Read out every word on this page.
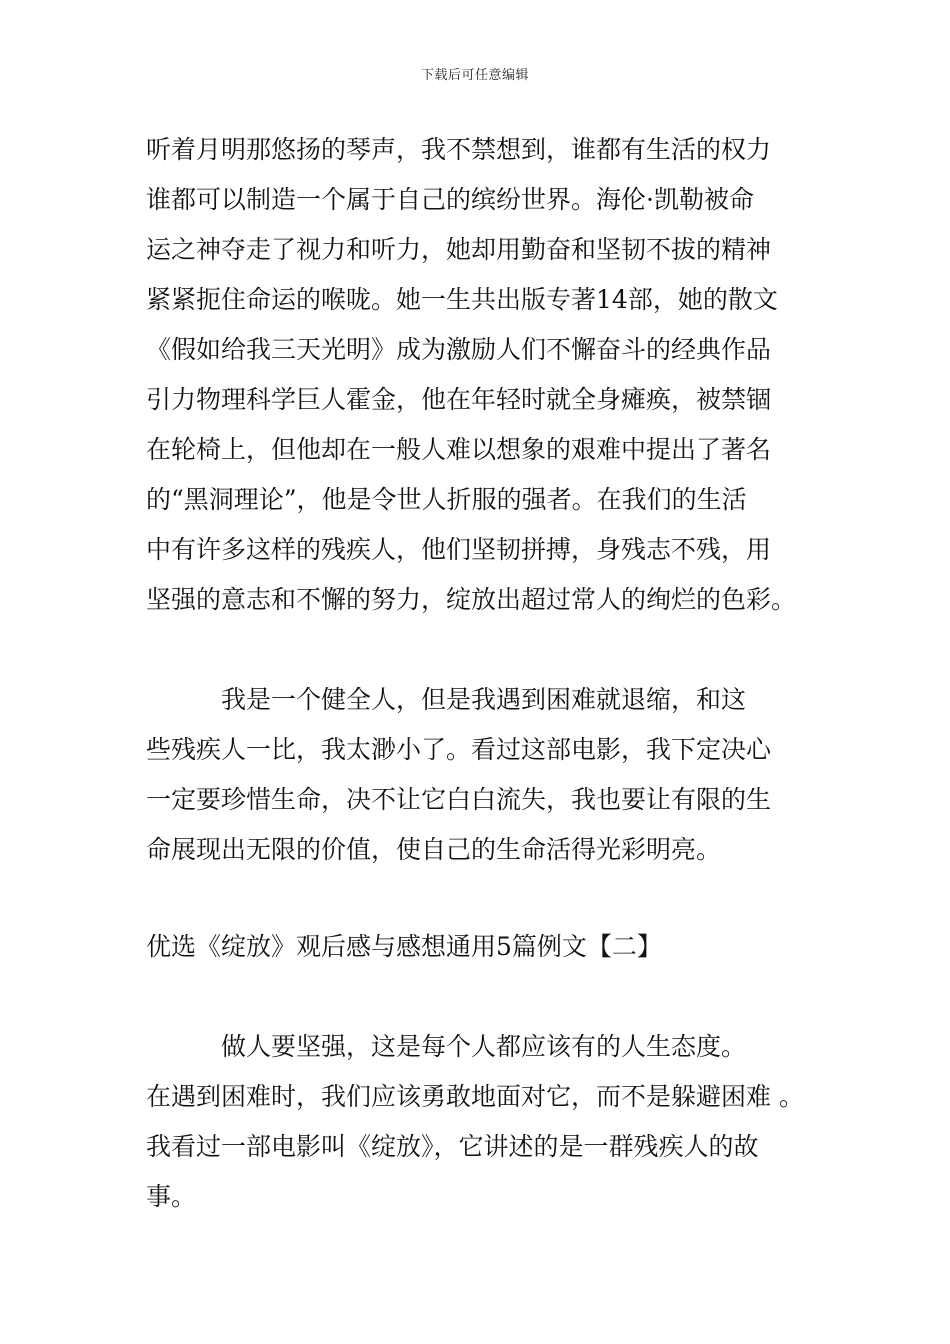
下载后可任意编辑
听着月明那悠扬的琴声，我不禁想到，谁都有生活的权力
谁都可以制造一个属于自己的缤纷世界。海伦·凯勒被命
运之神夺走了视力和听力，她却用勤奋和坚韧不拔的精神
紧紧扼住命运的喉咙。她一生共出版专著14部，她的散文
《假如给我三天光明》成为激励人们不懈奋斗的经典作品
引力物理科学巨人霍金，他在年轻时就全身瘫痪，被禁锢
在轮椅上，但他却在一般人难以想象的艰难中提出了著名
的“黑洞理论”，他是令世人折服的强者。在我们的生活
中有许多这样的残疾人，他们坚韧拼搏，身残志不残，用
坚强的意志和不懈的努力，绽放出超过常人的绚烂的色彩。
　　　我是一个健全人，但是我遇到困难就退缩，和这
些残疾人一比，我太渺小了。看过这部电影，我下定决心
一定要珍惜生命，决不让它白白流失，我也要让有限的生
命展现出无限的价值，使自己的生命活得光彩明亮。
优选《绽放》观后感与感想通用5篇例文【二】
　　　做人要坚强，这是每个人都应该有的人生态度。
在遇到困难时，我们应该勇敢地面对它，而不是躲避困难 。
我看过一部电影叫《绽放》，它讲述的是一群残疾人的故
事。
